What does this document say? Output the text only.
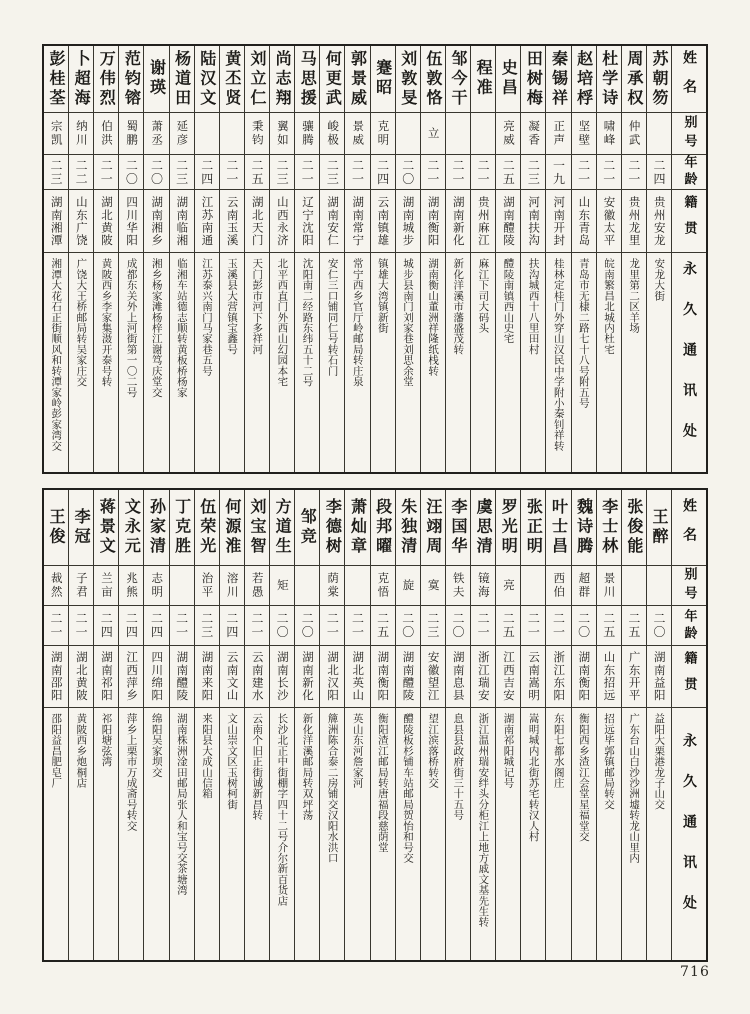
姓名
别号
年龄
籍贯
永久通讯处
苏朝笏
二四
贵州安龙
安龙大街
周承权
仲武
二一
贵州龙里
龙里第二区羊场
杜学诗
啸峰
二一
安徽太平
皖南繁昌北城内杜宅
赵培桴
坚壁
二一
山东青岛
青岛市无棣二路七十八号附五号
秦锡祥
正声
一九
河南开封
桂林定桂门外穿山汉民中学附小秦钊祥转
田树梅
凝香
二三
河南扶沟
扶沟城西十八里田村
史昌
亮威
二五
湖南醴陵
醴陵南镇西山史宅
程准
二一
贵州麻江
麻江下司大码头
邹今干
二一
湖南新化
新化洋溪市藩盛茂转
伍敦恪
立
二一
湖南衡阳
湖南衡山董洲祥隆纸栈转
刘敦旻
二〇
湖南城步
城步县南门刘家巷刘思余堂
蹇昭
克明
二四
云南镇雄
镇雄大湾镇新街
郭景威
景威
二一
湖南常宁
常宁西乡官厅岭邮局转庄泉
何更武
峻极
二三
湖南安仁
安仁三口铺同仁号转石门
马思援
骧腾
二一
辽宁沈阳
沈阳南二经路东纬五十二号
尚志翔
翼如
二三
山西永济
北平西直门外西山幻园本宅
刘立仁
秉钧
二五
湖北天门
天门彭市河下多祥河
黄丕贤
二一
云南玉溪
玉溪县大营镇宝鑫号
陆汉文
二四
江苏南通
江苏泰兴南门马家巷五号
杨道田
延彦
二三
湖南临湘
临湘车站德志顺转黄板桥杨家
谢瑛
萧丞
二〇
湖南湘乡
湘乡杨家滩杨梓江谢笃庆堂交
范钧镕
蜀鹏
二〇
四川华阳
成都东关外上河街第一〇二号
万伟烈
伯洪
二一
湖北黄陂
黄陂西乡李家集滠开泰号转
卜超海
纳川
二二
山东广饶
广饶大王桥邮局转吴家庄交
彭桂荃
宗凯
二三
湖南湘潭
湘潭大花石正街顺风和转潭家岭彭家湾交
姓名
别号
年龄
籍贯
永久通讯处
王醉
二〇
湖南益阳
益阳大栗港龙子山交
张俊能
二五
广东开平
广东台山白沙沙洲墟转龙山里内
李士林
景川
二五
山东招远
招远毕郭镇邮局转交
魏诗腾
超群
二〇
湖南衡阳
衡阳西乡渣江会堂星福堂交
叶士昌
西伯
二一
浙江东阳
东阳七都水阁庄
张正明
二一
云南嵩明
嵩明城内北街苏宅转汉人村
罗光明
亮
二五
江西吉安
湖南祁阳城记号
虞思清
镜海
二一
浙江瑞安
浙江温州瑞安绊头分柜江上地方戚文基先生转
李国华
铁夫
二〇
湖南息县
息县县政府街三十五号
汪翊周
寞
二三
安徽望江
望江滨落桥转交
朱独清
旋
二〇
湖南醴陵
醴陵板杉铺车站邮局贺怡和号交
段邦曜
克悟
二五
湖南衡阳
衡阳渣江邮局转唐福段慈荫堂
萧灿章
二一
湖北英山
英山东河詹家河
李德树
荫棠
二一
湖北汉阳
簰洲陈合泰二房铺交汉阳水洪口
邹竞
二〇
湖南新化
新化洋溪邮局转双坪荡
方道生
矩
二〇
湖南长沙
长沙北正中街棚字四十二号介尔新百货店
刘宝智
若愚
二一
云南建水
云南个旧正街诚新昌转
何源淮
溶川
二四
云南文山
文山崇文区玉树柯街
伍荣光
治平
二三
湖南来阳
来阳县大成山信箱
丁克胜
二一
湖南醴陵
湖南株洲淦田邮局张人和宝号交茶塘湾
孙家清
志明
二四
四川绵阳
绵阳吴家坝交
文永元
兆熊
二四
江西萍乡
萍乡上栗市万成斋号转交
蒋景文
兰亩
二四
湖南祁阳
祁阳塘弦湾
李冠
子君
二一
湖北黄陂
黄陂西乡炮桐店
王俊
裁然
二一
湖南邵阳
邵阳益昌肥皂厂
716
